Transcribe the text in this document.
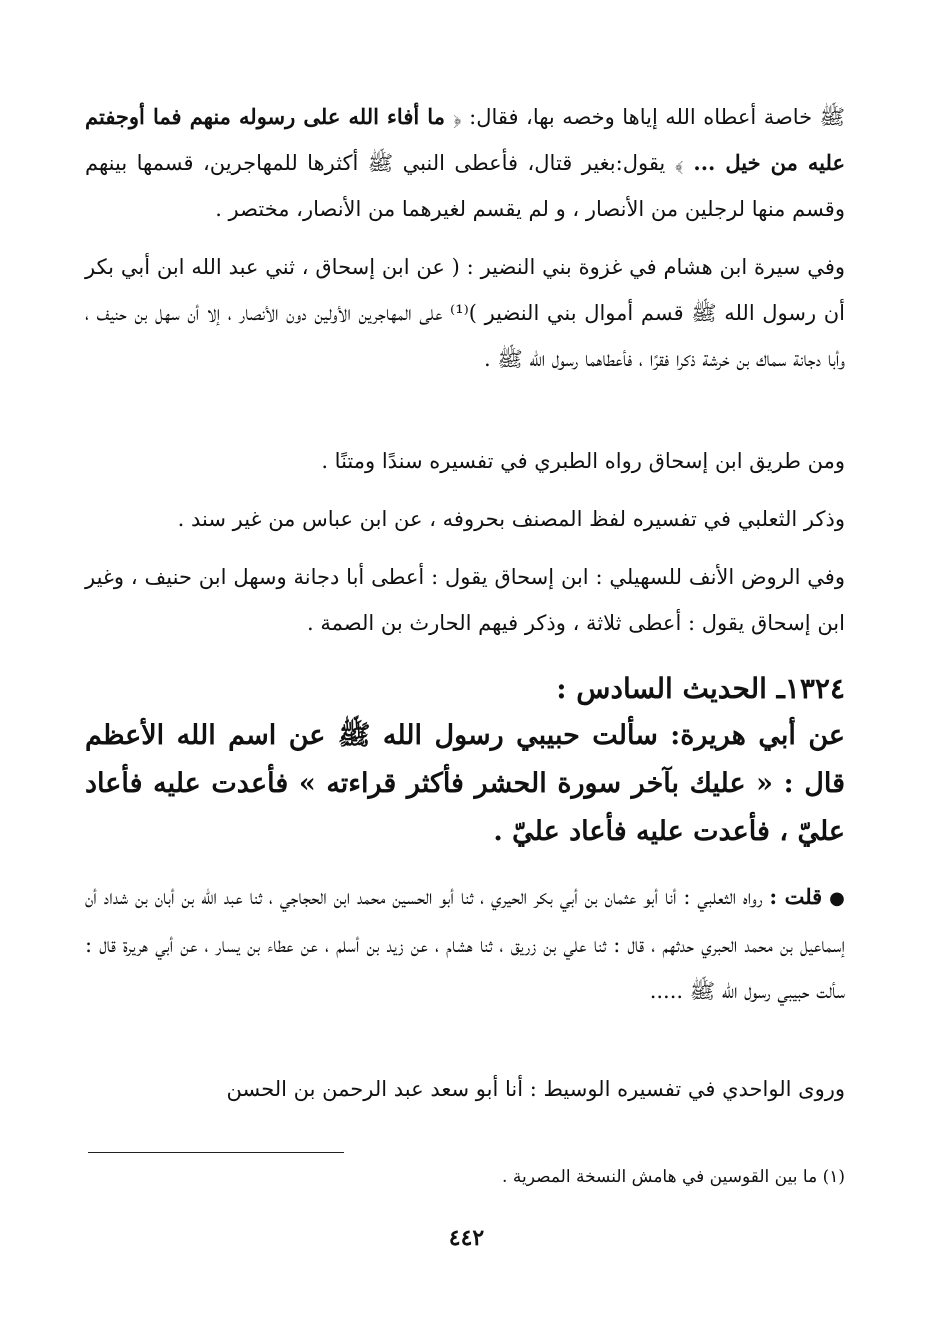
ﷺ خاصة أعطاه الله إياها وخصه بها، فقال: ﴿ ما أفاء الله على رسوله منهم فما أوجفتم عليه من خيل ... ﴾ يقول:بغير قتال، فأعطى النبي ﷺ أكثرها للمهاجرين، قسمها بينهم وقسم منها لرجلين من الأنصار ، و لم يقسم لغيرهما من الأنصار، مختصر .

وفي سيرة ابن هشام في غزوة بني النضير : ( عن ابن إسحاق ، ثني عبد الله ابن أبي بكر أن رسول الله ﷺ قسم أموال بني النضير )⁽¹⁾ على المهاجرين الأولين دون الأنصار ، إلا أن سهل بن حنيف ، وأبا دجانة سماك بن خرشة ذكرا فقرًا ، فأعطاهما رسول الله ﷺ .

ومن طريق ابن إسحاق رواه الطبري في تفسيره سندًا ومتنًا .

وذكر الثعلبي في تفسيره لفظ المصنف بحروفه ، عن ابن عباس من غير سند .

وفي الروض الأنف للسهيلي : ابن إسحاق يقول : أعطى أبا دجانة وسهل ابن حنيف ، وغير ابن إسحاق يقول : أعطى ثلاثة ، وذكر فيهم الحارث بن الصمة .

١٣٢٤ـ الحديث السادس :
عن أبي هريرة: سألت حبيبي رسول الله ﷺ عن اسم الله الأعظم قال : « عليك بآخر سورة الحشر فأكثر قراءته » فأعدت عليه فأعاد عليّ ، فأعدت عليه فأعاد عليّ .

● قلت : رواه الثعلبي : أنا أبو عثمان بن أبي بكر الحيري ، ثنا أبو الحسين محمد ابن الحجاجي ، ثنا عبد الله بن أبان بن شداد أن إسماعيل بن محمد الحبري حدثهم ، قال : ثنا علي بن زريق ، ثنا هشام ، عن زيد بن أسلم ، عن عطاء بن يسار ، عن أبي هريرة قال : سألت حبيبي رسول الله ﷺ .....

وروى الواحدي في تفسيره الوسيط : أنا أبو سعد عبد الرحمن بن الحسن

(١) ما بين القوسين في هامش النسخة المصرية .
٤٤٢
